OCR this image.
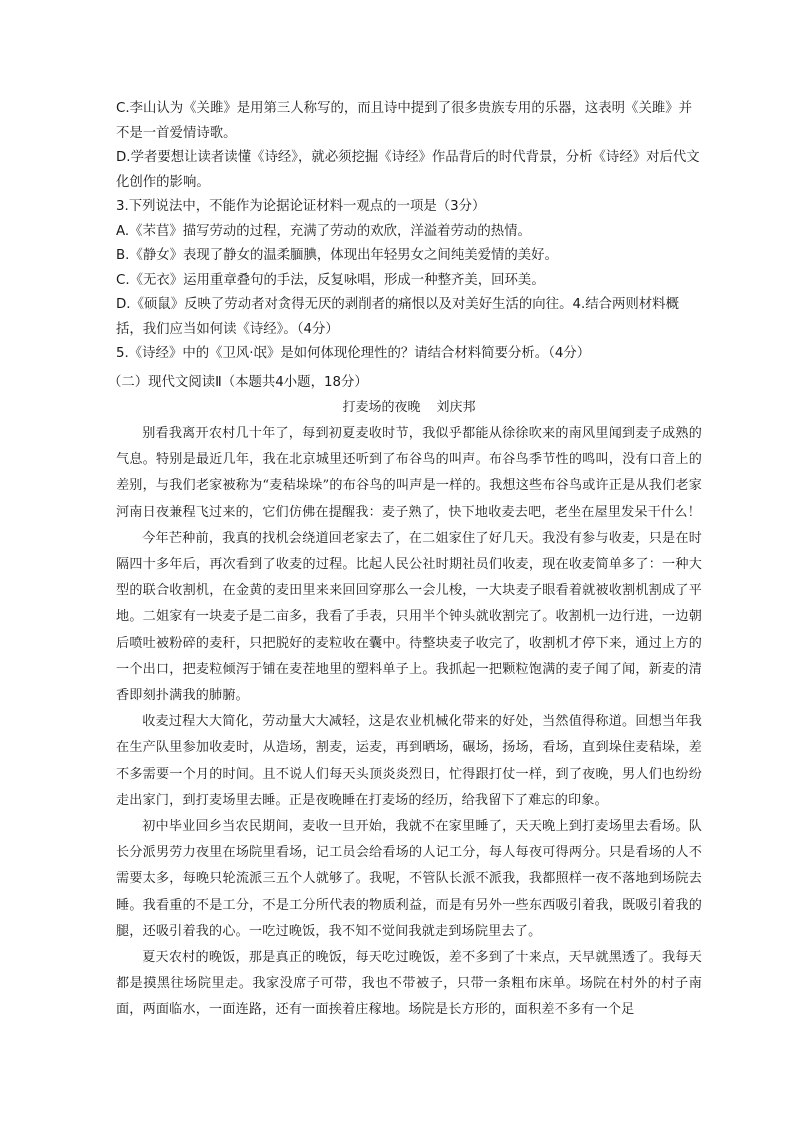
C.李山认为《关雎》是用第三人称写的，而且诗中提到了很多贵族专用的乐器，这表明《关雎》并不是一首爱情诗歌。

D.学者要想让读者读懂《诗经》，就必须挖掘《诗经》作品背后的时代背景，分析《诗经》对后代文化创作的影响。

3.下列说法中，不能作为论据论证材料一观点的一项是（3分）

A.《芣苢》描写劳动的过程，充满了劳动的欢欣，洋溢着劳动的热情。

B.《静女》表现了静女的温柔腼腆，体现出年轻男女之间纯美爱情的美好。

C.《无衣》运用重章叠句的手法，反复咏唱，形成一种整齐美，回环美。

D.《硕鼠》反映了劳动者对贪得无厌的剥削者的痛恨以及对美好生活的向往。4.结合两则材料概括，我们应当如何读《诗经》。（4分）

5.《诗经》中的《卫风·氓》是如何体现伦理性的？请结合材料简要分析。（4分）

（二）现代文阅读Ⅱ（本题共4小题，18分）
打麦场的夜晚 刘庆邦

别看我离开农村几十年了，每到初夏麦收时节，我似乎都能从徐徐吹来的南风里闻到麦子成熟的气息。特别是最近几年，我在北京城里还听到了布谷鸟的叫声。布谷鸟季节性的鸣叫，没有口音上的差别，与我们老家被称为“麦秸垛垛”的布谷鸟的叫声是一样的。我想这些布谷鸟或许正是从我们老家河南日夜兼程飞过来的，它们仿佛在提醒我：麦子熟了，快下地收麦去吧，老坐在屋里发呆干什么！

今年芒种前，我真的找机会绕道回老家去了，在二姐家住了好几天。我没有参与收麦，只是在时隔四十多年后，再次看到了收麦的过程。比起人民公社时期社员们收麦，现在收麦简单多了：一种大型的联合收割机，在金黄的麦田里来来回回穿那么一会儿梭，一大块麦子眼看着就被收割机割成了平地。二姐家有一块麦子是二亩多，我看了手表，只用半个钟头就收割完了。收割机一边行进，一边朝后喷吐被粉碎的麦秆，只把脱好的麦粒收在囊中。待整块麦子收完了，收割机才停下来，通过上方的一个出口，把麦粒倾泻于铺在麦茬地里的塑料单子上。我抓起一把颗粒饱满的麦子闻了闻，新麦的清香即刻扑满我的肺腑。

收麦过程大大简化，劳动量大大减轻，这是农业机械化带来的好处，当然值得称道。回想当年我在生产队里参加收麦时，从造场，割麦，运麦，再到晒场，碾场，扬场，看场，直到垛住麦秸垛，差不多需要一个月的时间。且不说人们每天头顶炎炎烈日，忙得跟打仗一样，到了夜晚，男人们也纷纷走出家门，到打麦场里去睡。正是夜晚睡在打麦场的经历，给我留下了难忘的印象。

初中毕业回乡当农民期间，麦收一旦开始，我就不在家里睡了，天天晚上到打麦场里去看场。队长分派男劳力夜里在场院里看场，记工员会给看场的人记工分，每人每夜可得两分。只是看场的人不需要太多，每晚只轮流派三五个人就够了。我呢，不管队长派不派我，我都照样一夜不落地到场院去睡。我看重的不是工分，不是工分所代表的物质利益，而是有另外一些东西吸引着我，既吸引着我的腿，还吸引着我的心。一吃过晚饭，我不知不觉间我就走到场院里去了。

夏天农村的晚饭，那是真正的晚饭，每天吃过晚饭，差不多到了十来点，天早就黑透了。我每天都是摸黑往场院里走。我家没席子可带，我也不带被子，只带一条粗布床单。场院在村外的村子南面，两面临水，一面连路，还有一面挨着庄稼地。场院是长方形的，面积差不多有一个足
